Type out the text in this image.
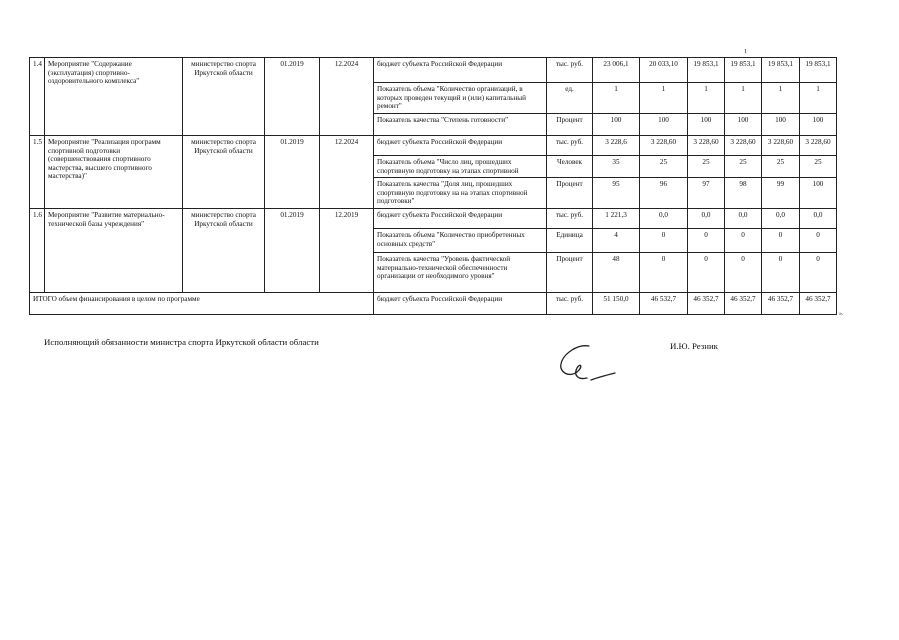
1
1.4	Мероприятие "Содержание (эксплуатация) спортивно-оздоровительного комплекса"	министерство спорта Иркутской области	01.2019	12.2024	бюджет субъекта Российской Федерации	тыс. руб.	23 006,1	20 033,10	19 853,1	19 853,1	19 853,1	19 853,1
					Показатель объема "Количество организаций, в которых проведен текущий и (или) капитальный ремонт"	ед.	1	1	1	1	1	1
					Показатель качества "Степень готовности"	Процент	100	100	100	100	100	100
1.5	Мероприятие "Реализация программ спортивной подготовки (совершенствования спортивного мастерства, высшего спортивного мастерства)"	министерство спорта Иркутской области	01.2019	12.2024	бюджет субъекта Российской Федерации	тыс. руб.	3 228,6	3 228,60	3 228,60	3 228,60	3 228,60	3 228,60
					Показатель объема "Число лиц, прошедших спортивную подготовку на этапах спортивной	Человек	35	25	25	25	25	25
					Показатель качества "Доля лиц, прошедших спортивную подготовку на на этапах спортивной подготовки"	Процент	95	96	97	98	99	100
1.6	Мероприятие "Развитие материально-технической базы учреждения"	министерство спорта Иркутской области	01.2019	12.2019	бюджет субъекта Российской Федерации	тыс. руб.	1 221,3	0,0	0,0	0,0	0,0	0,0
					Показатель объема "Количество приобретенных основных средств"	Единица	4	0	0	0	0	0
					Показатель качества "Уровень фактической материально-технической обеспеченности организации от необходимого уровня"	Процент	48	0	0	0	0	0
ИТОГО объем финансирования в целом по программе					бюджет субъекта Российской Федерации	тыс. руб.	51 150,0	46 532,7	46 352,7	46 352,7	46 352,7	46 352,7
».
Исполняющий обязанности министра спорта Иркутской области области	И.Ю. Резник
